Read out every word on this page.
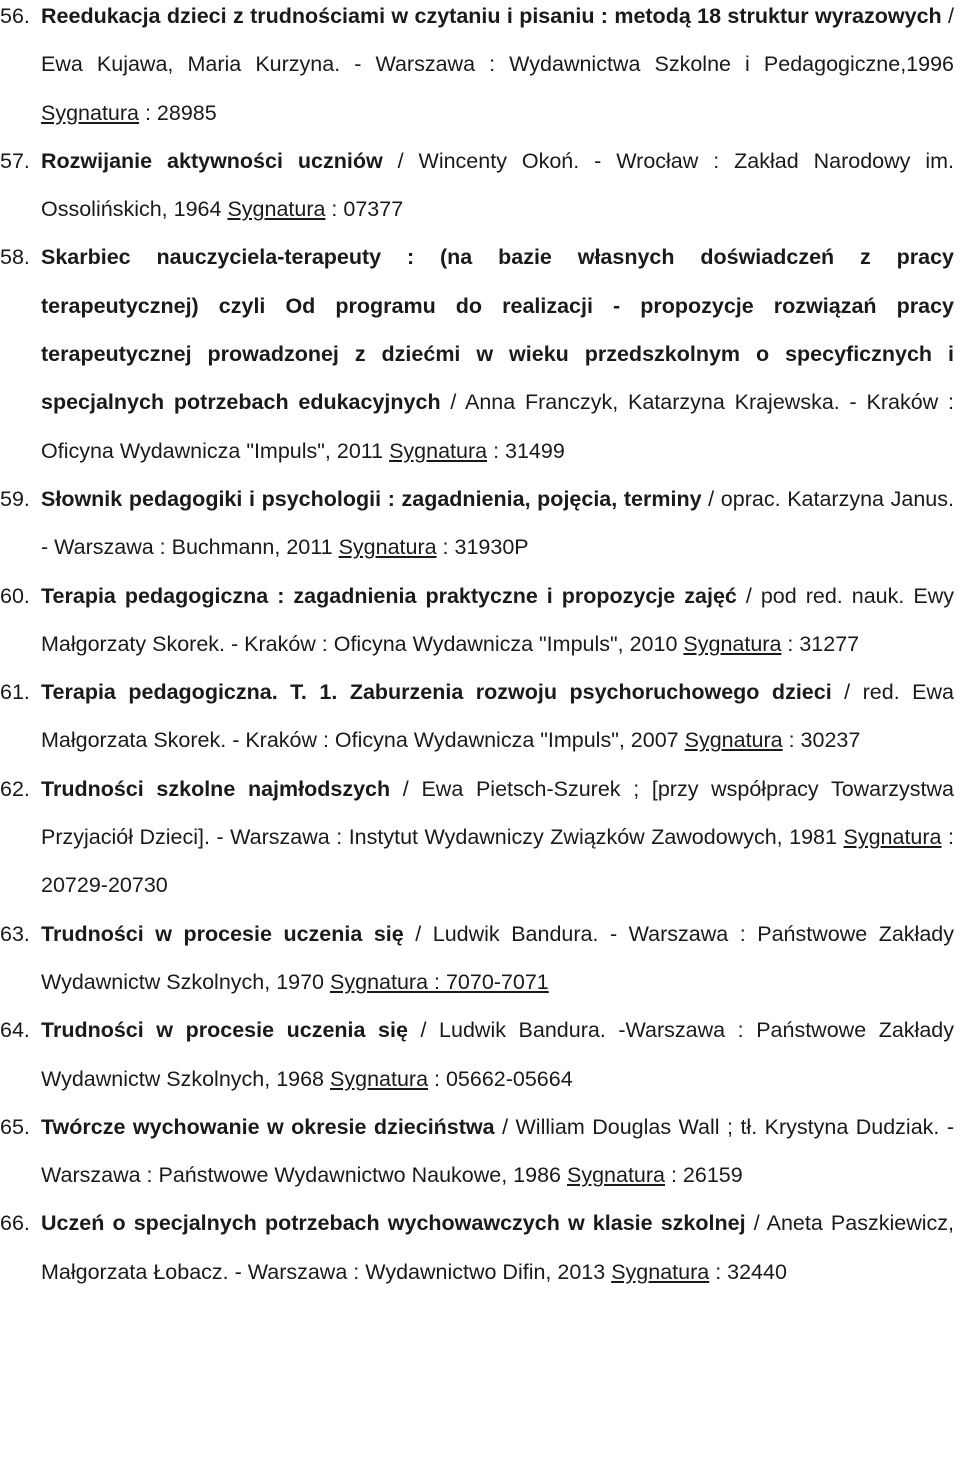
56. Reedukacja dzieci z trudnościami w czytaniu i pisaniu : metodą 18 struktur wyrazowych / Ewa Kujawa, Maria Kurzyna. - Warszawa : Wydawnictwa Szkolne i Pedagogiczne,1996 Sygnatura : 28985
57. Rozwijanie aktywności uczniów / Wincenty Okoń. - Wrocław : Zakład Narodowy im. Ossolińskich, 1964 Sygnatura : 07377
58. Skarbiec nauczyciela-terapeuty : (na bazie własnych doświadczeń z pracy terapeutycznej) czyli Od programu do realizacji - propozycje rozwiązań pracy terapeutycznej prowadzonej z dziećmi w wieku przedszkolnym o specyficznych i specjalnych potrzebach edukacyjnych / Anna Franczyk, Katarzyna Krajewska. - Kraków : Oficyna Wydawnicza "Impuls", 2011 Sygnatura : 31499
59. Słownik pedagogiki i psychologii : zagadnienia, pojęcia, terminy / oprac. Katarzyna Janus. - Warszawa : Buchmann, 2011 Sygnatura : 31930P
60. Terapia pedagogiczna : zagadnienia praktyczne i propozycje zajęć / pod red. nauk. Ewy Małgorzaty Skorek. - Kraków : Oficyna Wydawnicza "Impuls", 2010 Sygnatura : 31277
61. Terapia pedagogiczna. T. 1. Zaburzenia rozwoju psychoruchowego dzieci / red. Ewa Małgorzata Skorek. - Kraków : Oficyna Wydawnicza "Impuls", 2007 Sygnatura : 30237
62. Trudności szkolne najmłodszych / Ewa Pietsch-Szurek ; [przy współpracy Towarzystwa Przyjaciół Dzieci]. - Warszawa : Instytut Wydawniczy Związków Zawodowych, 1981 Sygnatura : 20729-20730
63. Trudności w procesie uczenia się / Ludwik Bandura. - Warszawa : Państwowe Zakłady Wydawnictw Szkolnych, 1970 Sygnatura : 7070-7071
64. Trudności w procesie uczenia się / Ludwik Bandura. -Warszawa : Państwowe Zakłady Wydawnictw Szkolnych, 1968 Sygnatura : 05662-05664
65. Twórcze wychowanie w okresie dzieciństwa / William Douglas Wall ; tł. Krystyna Dudziak. - Warszawa : Państwowe Wydawnictwo Naukowe, 1986 Sygnatura : 26159
66. Uczeń o specjalnych potrzebach wychowawczych w klasie szkolnej / Aneta Paszkiewicz, Małgorzata Łobacz. - Warszawa : Wydawnictwo Difin, 2013 Sygnatura : 32440
